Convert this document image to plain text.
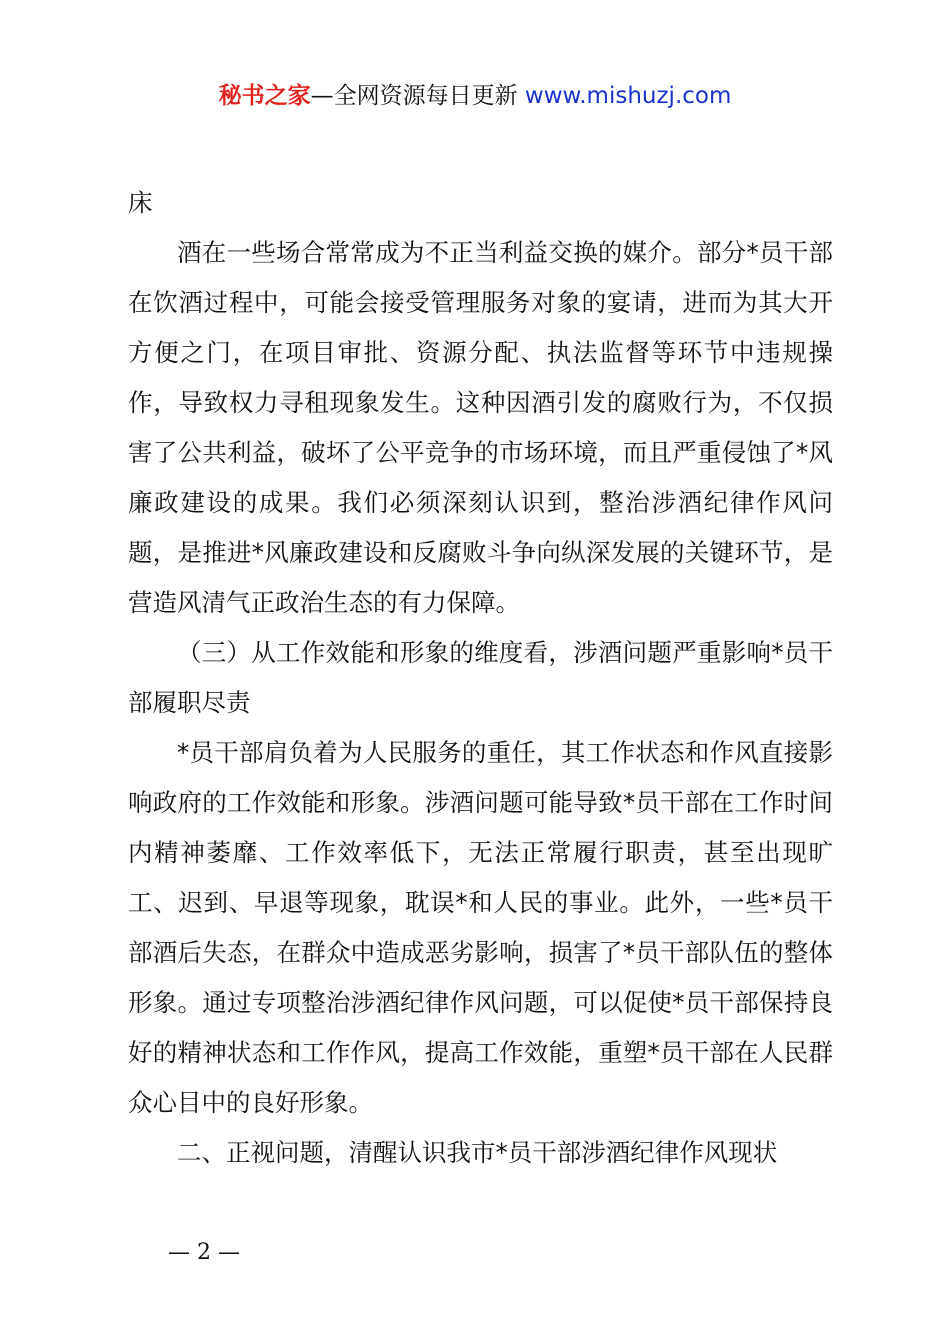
秘书之家—全网资源每日更新 www.mishuzj.com

床

酒在一些场合常常成为不正当利益交换的媒介。部分*员干部在饮酒过程中，可能会接受管理服务对象的宴请，进而为其大开方便之门，在项目审批、资源分配、执法监督等环节中违规操作，导致权力寻租现象发生。这种因酒引发的腐败行为，不仅损害了公共利益，破坏了公平竞争的市场环境，而且严重侵蚀了*风廉政建设的成果。我们必须深刻认识到，整治涉酒纪律作风问题，是推进*风廉政建设和反腐败斗争向纵深发展的关键环节，是营造风清气正政治生态的有力保障。

（三）从工作效能和形象的维度看，涉酒问题严重影响*员干部履职尽责

*员干部肩负着为人民服务的重任，其工作状态和作风直接影响政府的工作效能和形象。涉酒问题可能导致*员干部在工作时间内精神萎靡、工作效率低下，无法正常履行职责，甚至出现旷工、迟到、早退等现象，耽误*和人民的事业。此外，一些*员干部酒后失态，在群众中造成恶劣影响，损害了*员干部队伍的整体形象。通过专项整治涉酒纪律作风问题，可以促使*员干部保持良好的精神状态和工作作风，提高工作效能，重塑*员干部在人民群众心目中的良好形象。

二、正视问题，清醒认识我市*员干部涉酒纪律作风现状

— 2 —
